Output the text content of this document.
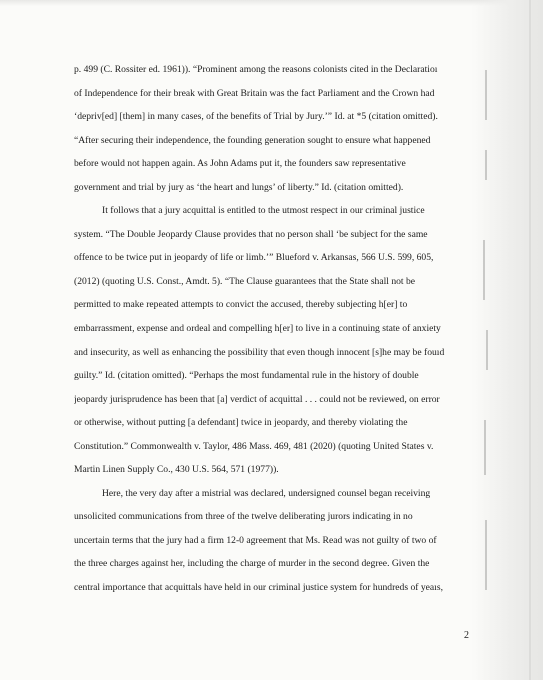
p. 499 (C. Rossiter ed. 1961)). “Prominent among the reasons colonists cited in the Declaratioı
of Independence for their break with Great Britain was the fact Parliament and the Crown had
‘depriv[ed] [them] in many cases, of the benefits of Trial by Jury.’” Id. at *5 (citation omitted).
“After securing their independence, the founding generation sought to ensure what happened
before would not happen again. As John Adams put it, the founders saw representative
government and trial by jury as ‘the heart and lungs’ of liberty.” Id. (citation omitted).
It follows that a jury acquittal is entitled to the utmost respect in our criminal justice
system. “The Double Jeopardy Clause provides that no person shall ‘be subject for the same
offence to be twice put in jeopardy of life or limb.’” Blueford v. Arkansas, 566 U.S. 599, 605,
(2012) (quoting U.S. Const., Amdt. 5). “The Clause guarantees that the State shall not be
permitted to make repeated attempts to convict the accused, thereby subjecting h[er] to
embarrassment, expense and ordeal and compelling h[er] to live in a continuing state of anxiety
and insecurity, as well as enhancing the possibility that even though innocent [s]he may be fouıd
guilty.” Id. (citation omitted). “Perhaps the most fundamental rule in the history of double
jeopardy jurisprudence has been that [a] verdict of acquittal . . . could not be reviewed, on error
or otherwise, without putting [a defendant] twice in jeopardy, and thereby violating the
Constitution.” Commonwealth v. Taylor, 486 Mass. 469, 481 (2020) (quoting United States v.
Martin Linen Supply Co., 430 U.S. 564, 571 (1977)).
Here, the very day after a mistrial was declared, undersigned counsel began receiving
unsolicited communications from three of the twelve deliberating jurors indicating in no
uncertain terms that the jury had a firm 12-0 agreement that Ms. Read was not guilty of two of
the three charges against her, including the charge of murder in the second degree. Given the
central importance that acquittals have held in our criminal justice system for hundreds of yeaıs,
2
